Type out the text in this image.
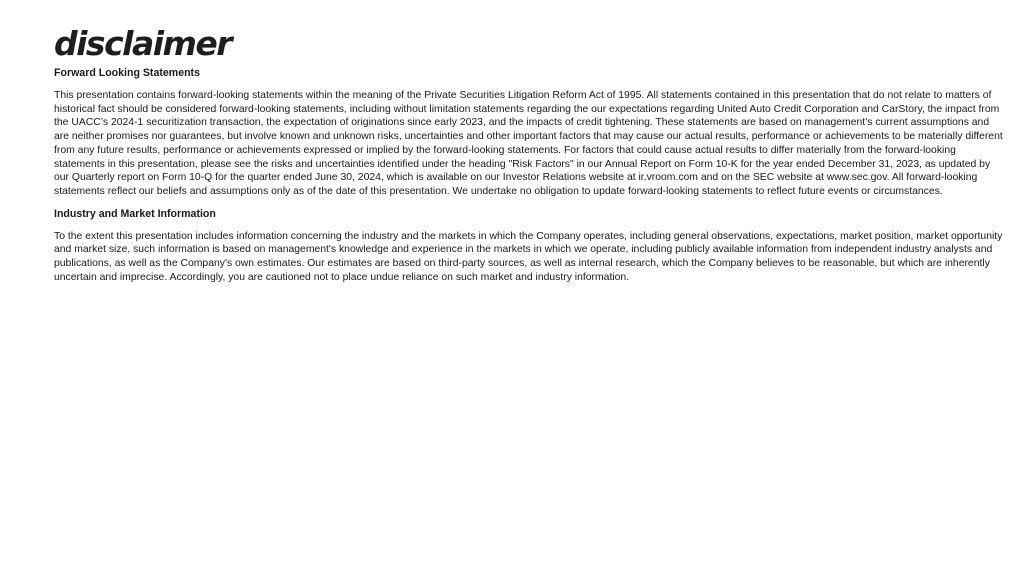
disclaimer
Forward Looking Statements

This presentation contains forward-looking statements within the meaning of the Private Securities Litigation Reform Act of 1995. All statements contained in this presentation that do not relate to matters of historical fact should be considered forward-looking statements, including without limitation statements regarding the our expectations regarding United Auto Credit Corporation and CarStory, the impact from the UACC’s 2024-1 securitization transaction, the expectation of originations since early 2023, and the impacts of credit tightening. These statements are based on management’s current assumptions and are neither promises nor guarantees, but involve known and unknown risks, uncertainties and other important factors that may cause our actual results, performance or achievements to be materially different from any future results, performance or achievements expressed or implied by the forward-looking statements. For factors that could cause actual results to differ materially from the forward-looking statements in this presentation, please see the risks and uncertainties identified under the heading "Risk Factors" in our Annual Report on Form 10-K for the year ended December 31, 2023, as updated by our Quarterly report on Form 10-Q for the quarter ended June 30, 2024, which is available on our Investor Relations website at ir.vroom.com and on the SEC website at www.sec.gov. All forward-looking statements reflect our beliefs and assumptions only as of the date of this presentation. We undertake no obligation to update forward-looking statements to reflect future events or circumstances.

Industry and Market Information

To the extent this presentation includes information concerning the industry and the markets in which the Company operates, including general observations, expectations, market position, market opportunity and market size, such information is based on management's knowledge and experience in the markets in which we operate, including publicly available information from independent industry analysts and publications, as well as the Company's own estimates. Our estimates are based on third-party sources, as well as internal research, which the Company believes to be reasonable, but which are inherently uncertain and imprecise. Accordingly, you are cautioned not to place undue reliance on such market and industry information.
